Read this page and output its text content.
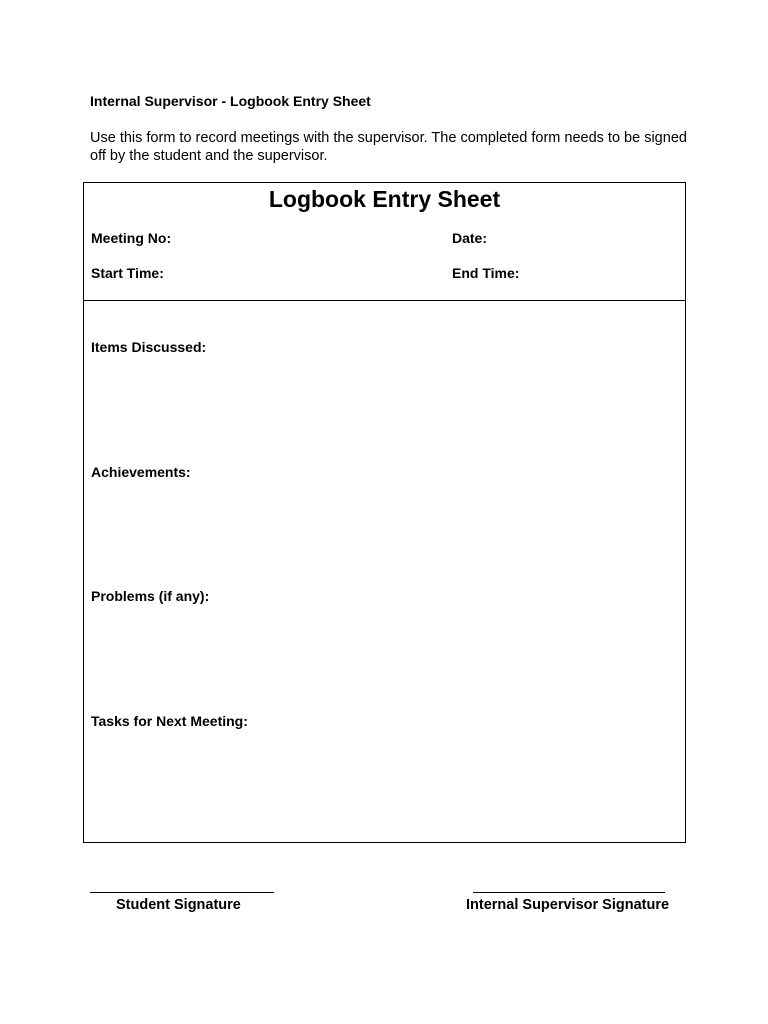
Internal Supervisor - Logbook Entry Sheet
Use this form to record meetings with the supervisor. The completed form needs to be signed off by the student and the supervisor.
Logbook Entry Sheet
Meeting No:	Date:
Start Time:	End Time:
Items Discussed:
Achievements:
Problems (if any):
Tasks for Next Meeting:
Student Signature	Internal Supervisor Signature
